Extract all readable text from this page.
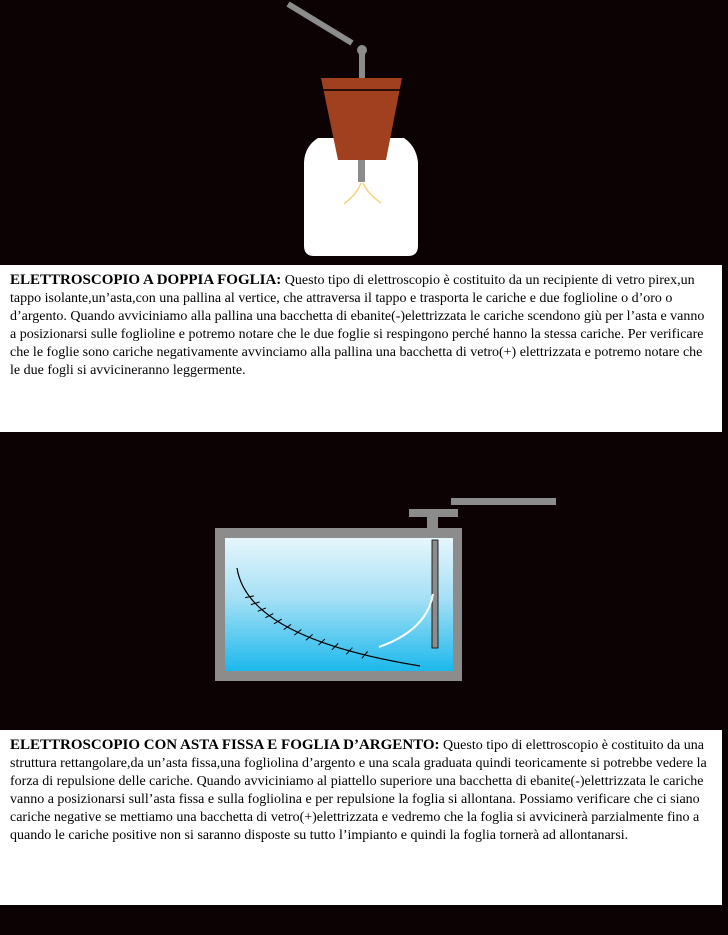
ELETTROSCOPIO A DOPPIA FOGLIA: Questo tipo di elettroscopio è costituito da un recipiente di vetro pirex,un tappo isolante,un’asta,con una pallina al vertice, che attraversa il tappo e trasporta le cariche e due foglioline o d’oro o d’argento. Quando avviciniamo alla pallina una bacchetta di ebanite(-)elettrizzata le cariche scendono giù per l’asta e vanno a posizionarsi sulle foglioline e potremo notare che le due foglie si respingono perché hanno la stessa cariche. Per verificare che le foglie sono cariche negativamente avvinciamo alla pallina una bacchetta di vetro(+) elettrizzata e potremo notare che le due fogli si avvicineranno leggermente.
ELETTROSCOPIO CON ASTA FISSA E FOGLIA D’ARGENTO: Questo tipo di elettroscopio è costituito da una struttura rettangolare,da un’asta fissa,una fogliolina d’argento e una scala graduata quindi teoricamente si potrebbe vedere la forza di repulsione delle cariche. Quando avviciniamo al piattello superiore una bacchetta di ebanite(-)elettrizzata le cariche vanno a posizionarsi sull’asta fissa e sulla fogliolina e per repulsione la foglia si allontana. Possiamo verificare che ci siano cariche negative se mettiamo una bacchetta di vetro(+)elettrizzata e vedremo che la foglia si avvicinerà parzialmente fino a quando le cariche positive non si saranno disposte su tutto l’impianto e quindi la foglia tornerà ad allontanarsi.
